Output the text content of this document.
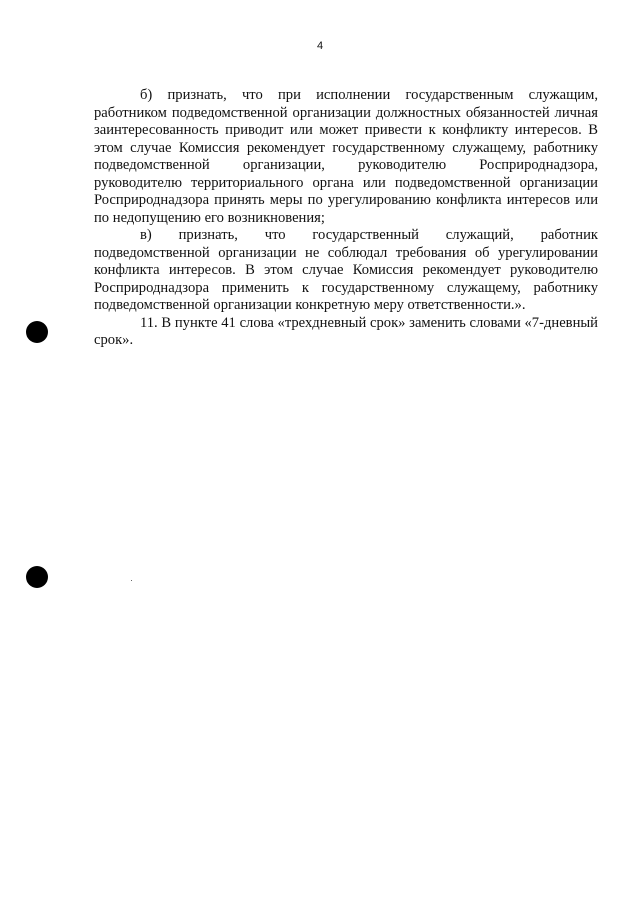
4

б) признать, что при исполнении государственным служащим, работником подведомственной организации должностных обязанностей личная заинтересованность приводит или может привести к конфликту интересов. В этом случае Комиссия рекомендует государственному служащему, работнику подведомственной организации, руководителю Росприроднадзора, руководителю территориального органа или подведомственной организации Росприроднадзора принять меры по урегулированию конфликта интересов или по недопущению его возникновения;

в) признать, что государственный служащий, работник подведомственной организации не соблюдал требования об урегулировании конфликта интересов. В этом случае Комиссия рекомендует руководителю Росприроднадзора применить к государственному служащему, работнику подведомственной организации конкретную меру ответственности.».

11. В пункте 41 слова «трехдневный срок» заменить словами «7-дневный срок».
